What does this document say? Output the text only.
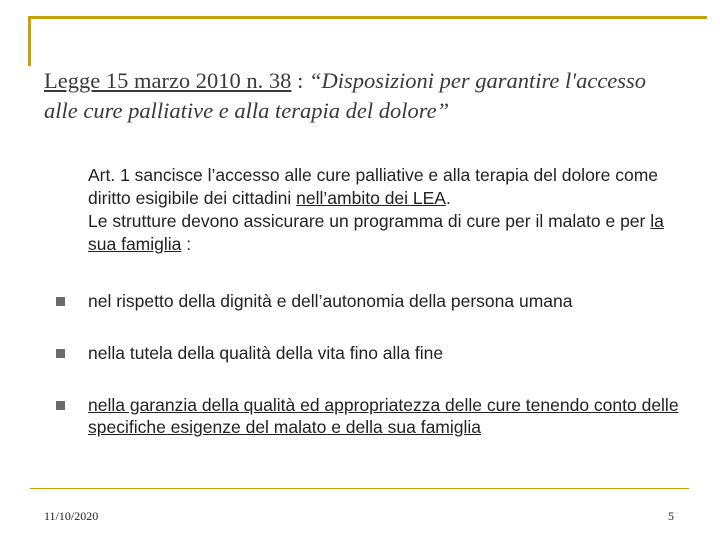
Legge 15 marzo 2010 n. 38 : “Disposizioni per garantire l'accesso alle cure palliative e alla terapia del dolore”

Art. 1 sancisce l’accesso alle cure palliative e alla terapia del dolore come diritto esigibile dei cittadini nell’ambito dei LEA.

Le strutture devono assicurare un programma di cure per il malato e per la sua famiglia :

nel rispetto della dignità e dell’autonomia della persona umana
nella tutela della qualità della vita fino alla fine
nella garanzia della qualità ed appropriatezza delle cure tenendo conto delle specifiche esigenze del malato e della sua famiglia
11/10/2020	5
